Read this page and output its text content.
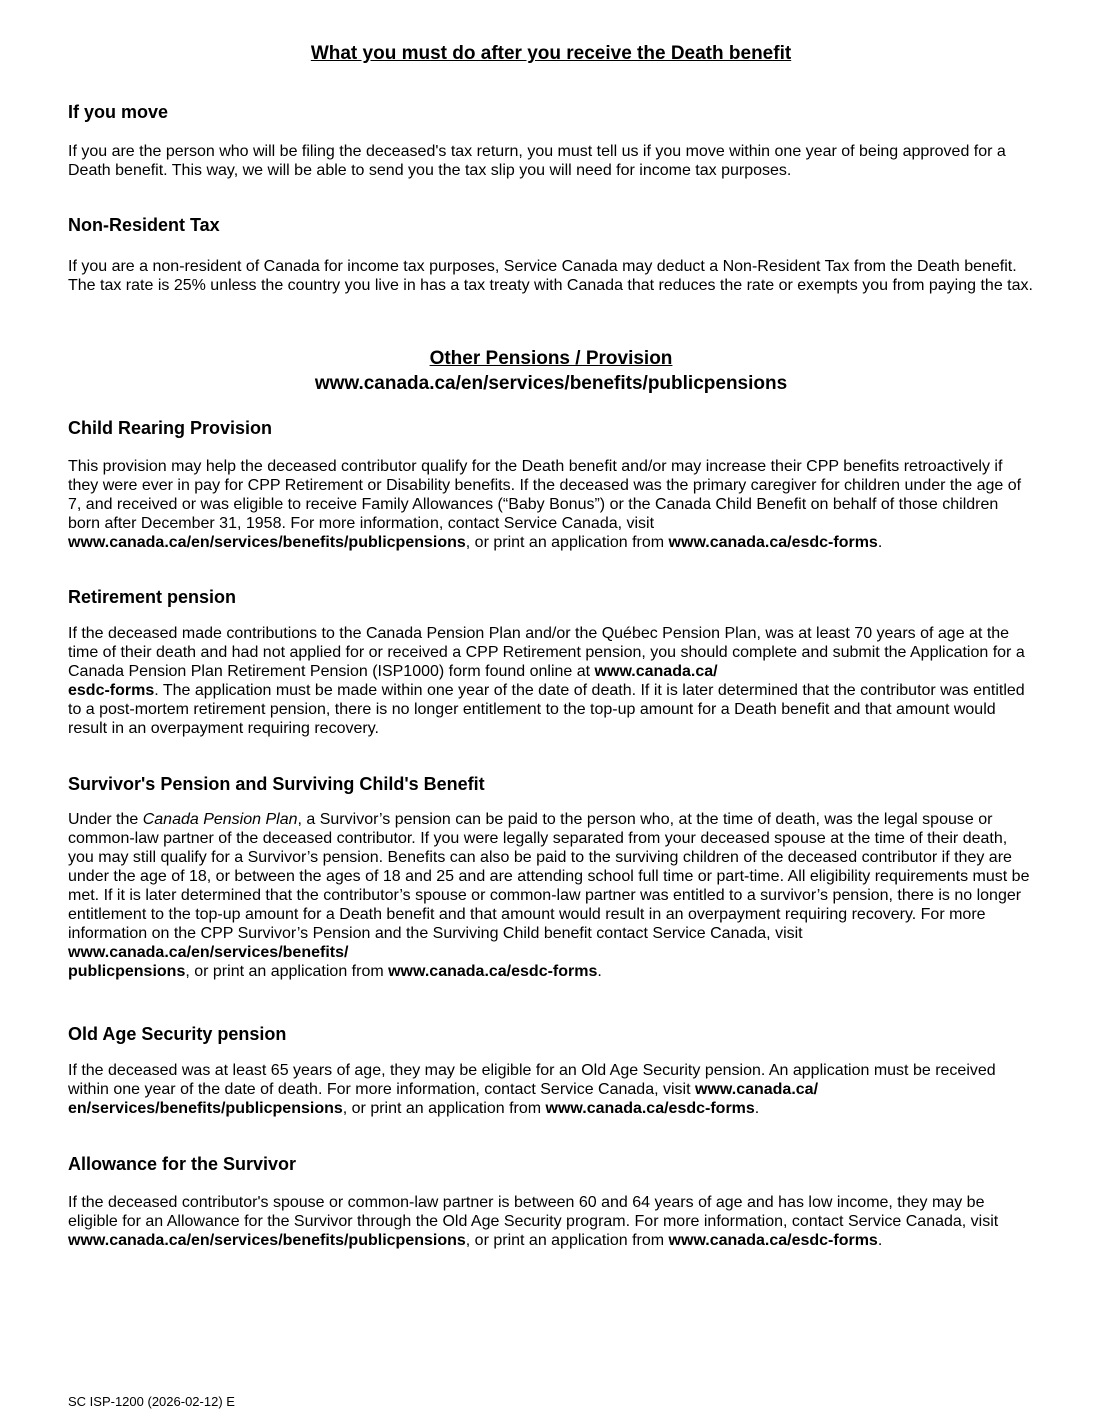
What you must do after you receive the Death benefit
If you move

If you are the person who will be filing the deceased's tax return, you must tell us if you move within one year of being approved for a Death benefit. This way, we will be able to send you the tax slip you will need for income tax purposes.

Non-Resident Tax

If you are a non-resident of Canada for income tax purposes, Service Canada may deduct a Non-Resident Tax from the Death benefit. The tax rate is 25% unless the country you live in has a tax treaty with Canada that reduces the rate or exempts you from paying the tax.

Other Pensions / Provision
www.canada.ca/en/services/benefits/publicpensions
Child Rearing Provision

This provision may help the deceased contributor qualify for the Death benefit and/or may increase their CPP benefits retroactively if they were ever in pay for CPP Retirement or Disability benefits. If the deceased was the primary caregiver for children under the age of 7, and received or was eligible to receive Family Allowances (“Baby Bonus”) or the Canada Child Benefit on behalf of those children born after December 31, 1958. For more information, contact Service Canada, visit www.canada.ca/en/services/benefits/publicpensions, or print an application from www.canada.ca/esdc-forms.

Retirement pension

If the deceased made contributions to the Canada Pension Plan and/or the Québec Pension Plan, was at least 70 years of age at the time of their death and had not applied for or received a CPP Retirement pension, you should complete and submit the Application for a Canada Pension Plan Retirement Pension (ISP1000) form found online at www.canada.ca/
esdc-forms. The application must be made within one year of the date of death. If it is later determined that the contributor was entitled to a post-mortem retirement pension, there is no longer entitlement to the top-up amount for a Death benefit and that amount would result in an overpayment requiring recovery.

Survivor's Pension and Surviving Child's Benefit

Under the Canada Pension Plan, a Survivor’s pension can be paid to the person who, at the time of death, was the legal spouse or common-law partner of the deceased contributor. If you were legally separated from your deceased spouse at the time of their death, you may still qualify for a Survivor’s pension. Benefits can also be paid to the surviving children of the deceased contributor if they are under the age of 18, or between the ages of 18 and 25 and are attending school full time or part-time. All eligibility requirements must be met. If it is later determined that the contributor’s spouse or common-law partner was entitled to a survivor’s pension, there is no longer entitlement to the top-up amount for a Death benefit and that amount would result in an overpayment requiring recovery. For more information on the CPP Survivor’s Pension and the Surviving Child benefit contact Service Canada, visit www.canada.ca/en/services/benefits/
publicpensions, or print an application from www.canada.ca/esdc-forms.

Old Age Security pension

If the deceased was at least 65 years of age, they may be eligible for an Old Age Security pension. An application must be received within one year of the date of death. For more information, contact Service Canada, visit www.canada.ca/
en/services/benefits/publicpensions, or print an application from www.canada.ca/esdc-forms.

Allowance for the Survivor

If the deceased contributor's spouse or common-law partner is between 60 and 64 years of age and has low income, they may be eligible for an Allowance for the Survivor through the Old Age Security program. For more information, contact Service Canada, visit www.canada.ca/en/services/benefits/publicpensions, or print an application from www.canada.ca/esdc-forms.

SC ISP-1200 (2026-02-12) E
